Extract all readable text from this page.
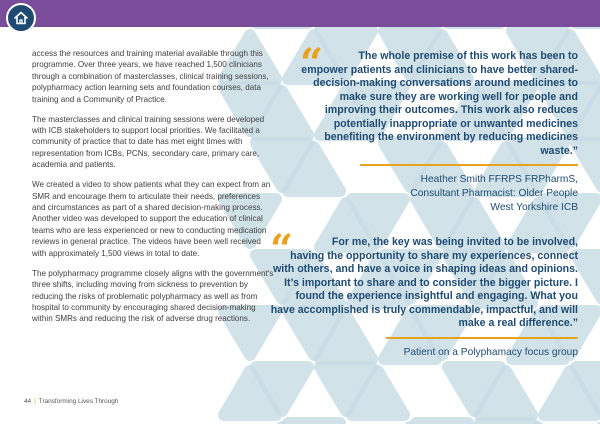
access the resources and training material available through this programme. Over three years, we have reached 1,500 clinicians through a combination of masterclasses, clinical training sessions, polypharmacy action learning sets and foundation courses, data training and a Community of Practice.

The masterclasses and clinical training sessions were developed with ICB stakeholders to support local priorities. We facilitated a community of practice that to date has met eight times with representation from ICBs, PCNs, secondary care, primary care, academia and patients.

We created a video to show patients what they can expect from an SMR and encourage them to articulate their needs, preferences and circumstances as part of a shared decision-making process. Another video was developed to support the education of clinical teams who are less experienced or new to conducting medication reviews in general practice. The videos have been well received with approximately 1,500 views in total to date.

The polypharmacy programme closely aligns with the government's three shifts, including moving from sickness to prevention by reducing the risks of problematic polypharmacy as well as from hospital to community by encouraging shared decision-making within SMRs and reducing the risk of adverse drug reactions.

“	The whole premise of this work has been to empower patients and clinicians to have better shared-decision-making conversations around medicines to make sure they are working well for people and improving their outcomes. This work also reduces potentially inappropriate or unwanted medicines benefiting the environment by reducing medicines waste.”

Heather Smith FFRPS FRPharmS,
Consultant Pharmacist: Older People
West Yorkshire ICB
“	For me, the key was being invited to be involved, having the opportunity to share my experiences, connect with others, and have a voice in shaping ideas and opinions. It’s important to share and to consider the bigger picture. I found the experience insightful and engaging. What you have accomplished is truly commendable, impactful, and will make a real difference.”

Patient on a Polyphamacy focus group
44 | Transforming Lives Through
